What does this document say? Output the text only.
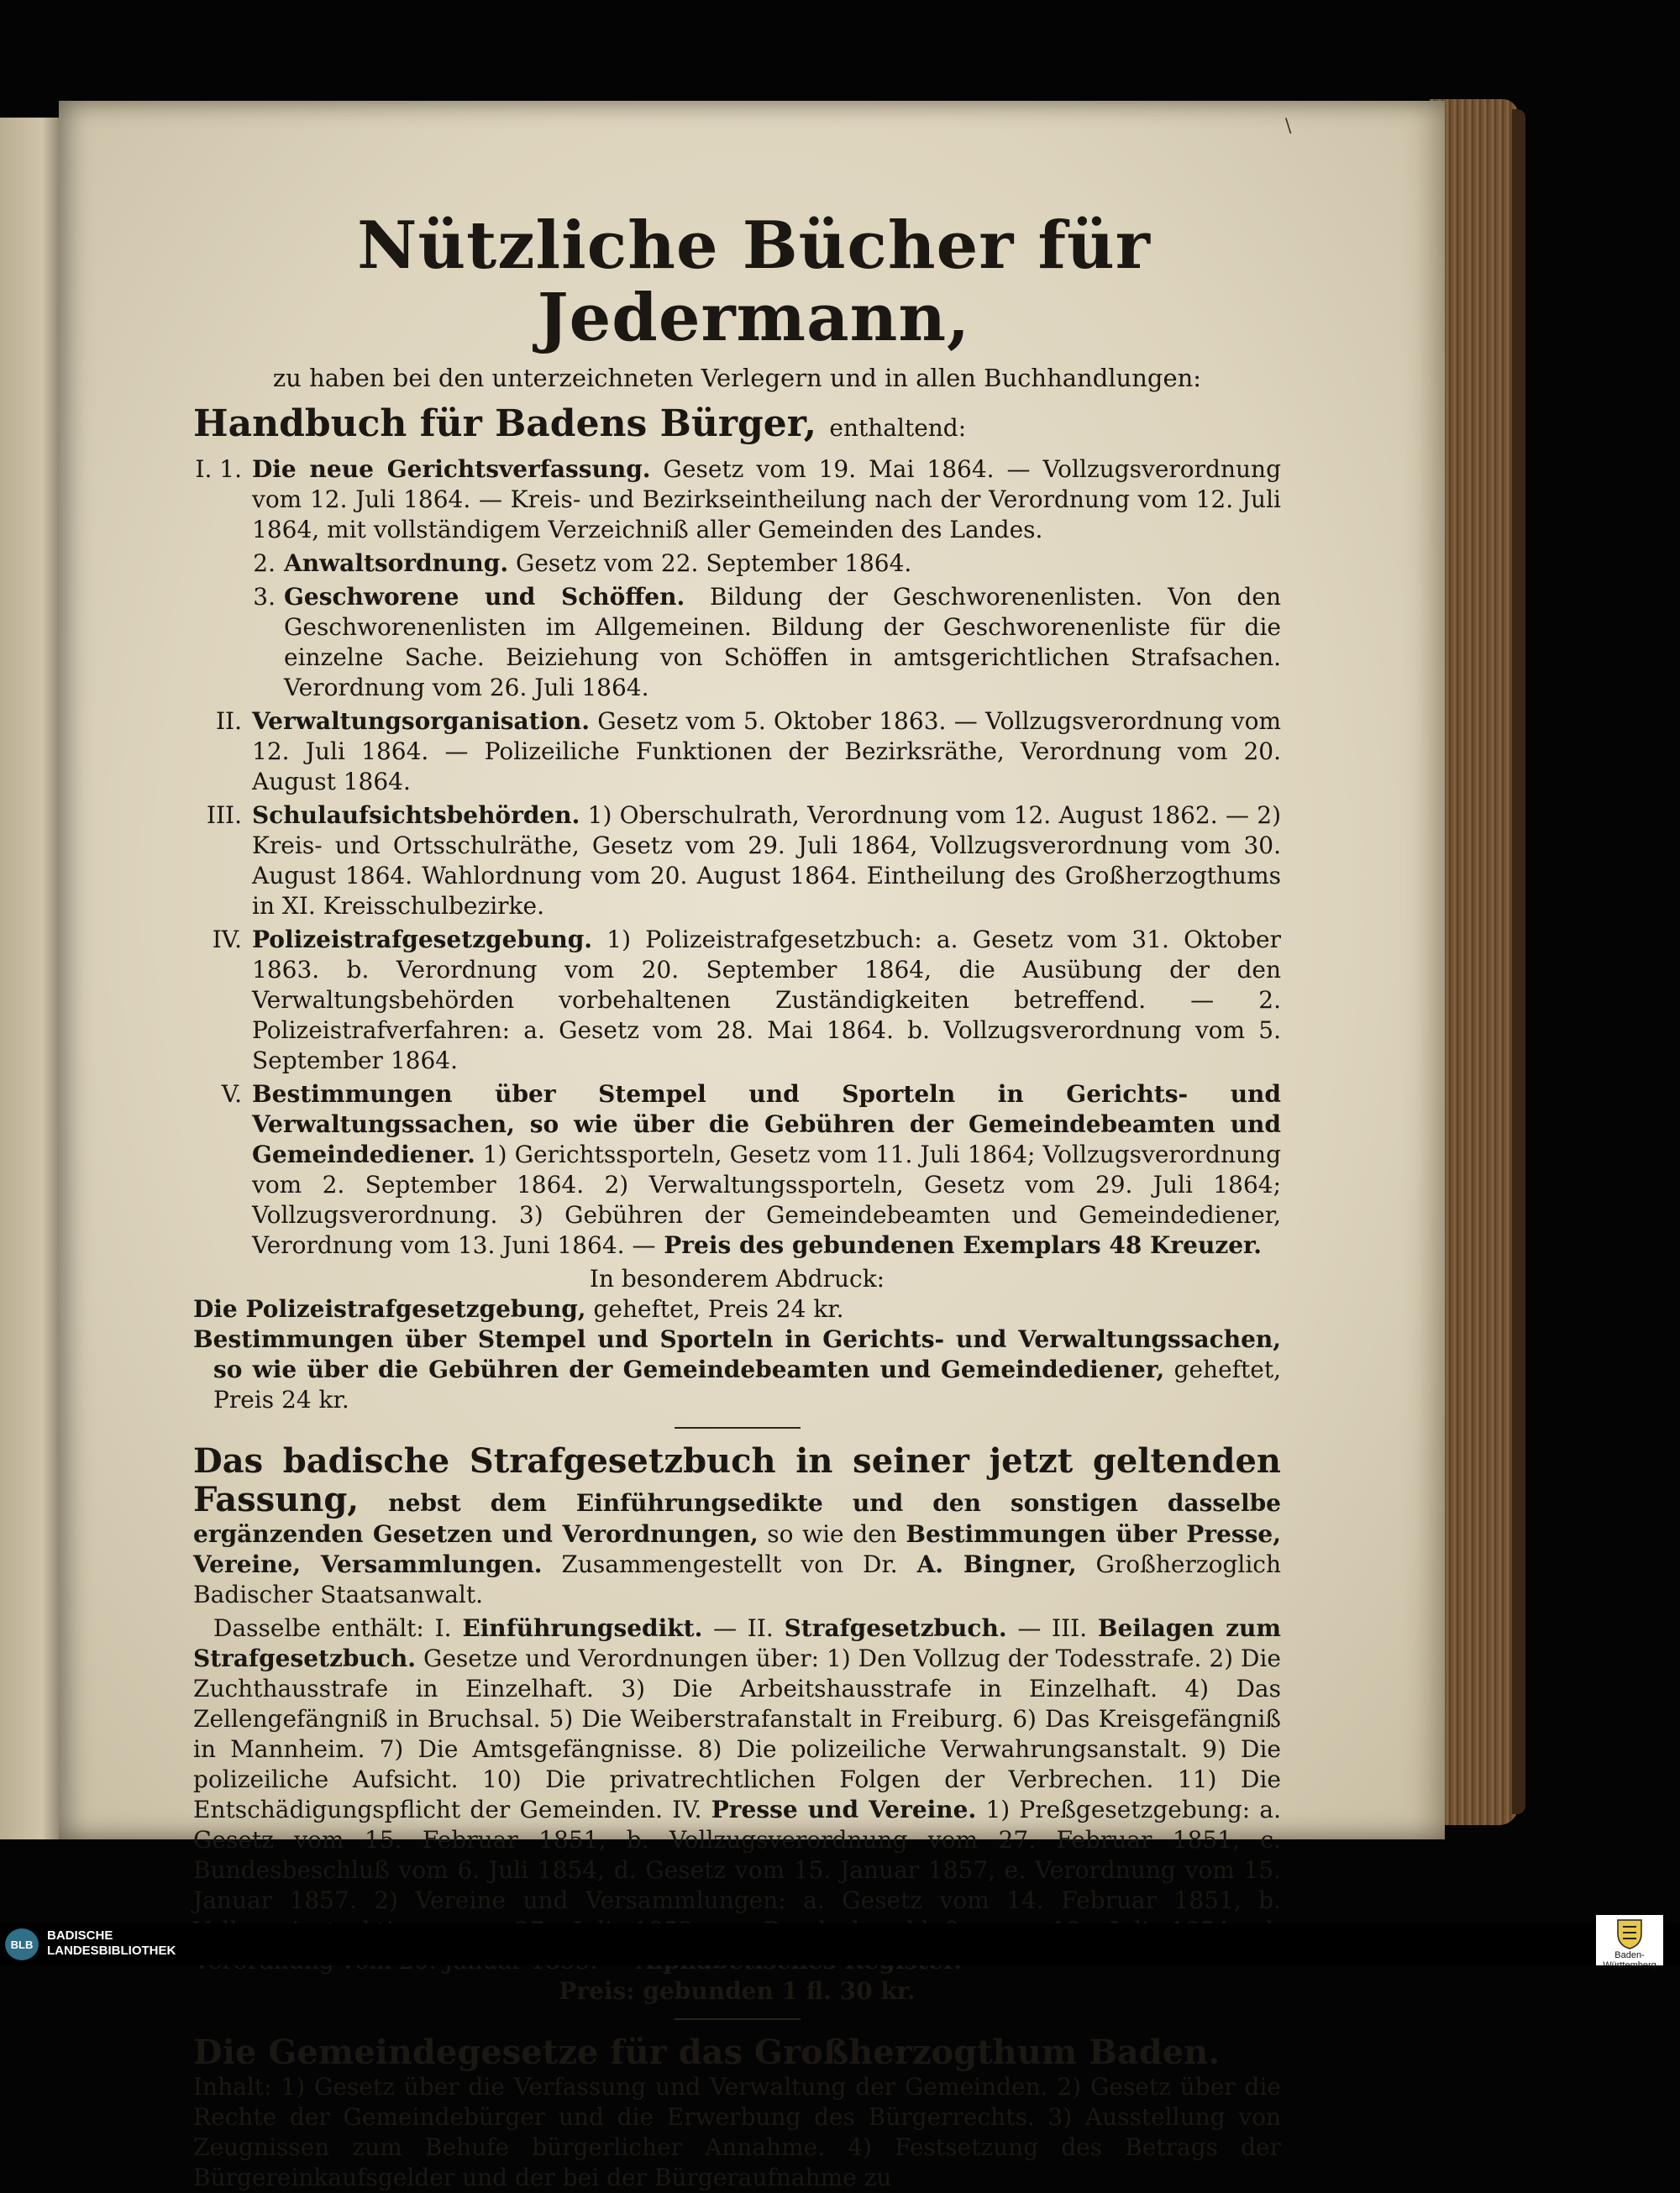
\
Nützliche Bücher für Jedermann,
zu haben bei den unterzeichneten Verlegern und in allen Buchhandlungen:
Handbuch für Badens Bürger, enthaltend:
I. 1. Die neue Gerichtsverfassung. Gesetz vom 19. Mai 1864. — Vollzugsverordnung vom 12. Juli 1864. — Kreis- und Bezirkseintheilung nach der Verordnung vom 12. Juli 1864, mit vollständigem Verzeichniß aller Gemeinden des Landes.
2. Anwaltsordnung. Gesetz vom 22. September 1864.
3. Geschworene und Schöffen. Bildung der Geschworenenlisten. Von den Geschworenenlisten im Allgemeinen. Bildung der Geschworenenliste für die einzelne Sache. Beiziehung von Schöffen in amtsgerichtlichen Strafsachen. Verordnung vom 26. Juli 1864.
II. Verwaltungsorganisation. Gesetz vom 5. Oktober 1863. — Vollzugsverordnung vom 12. Juli 1864. — Polizeiliche Funktionen der Bezirksräthe, Verordnung vom 20. August 1864.
III. Schulaufsichtsbehörden. 1) Oberschulrath, Verordnung vom 12. August 1862. — 2) Kreis- und Ortsschulräthe, Gesetz vom 29. Juli 1864, Vollzugsverordnung vom 30. August 1864. Wahlordnung vom 20. August 1864. Eintheilung des Großherzogthums in XI. Kreisschulbezirke.
IV. Polizeistrafgesetzgebung. 1) Polizeistrafgesetzbuch: a. Gesetz vom 31. Oktober 1863. b. Verordnung vom 20. September 1864, die Ausübung der den Verwaltungsbehörden vorbehaltenen Zuständigkeiten betreffend. — 2. Polizeistrafverfahren: a. Gesetz vom 28. Mai 1864. b. Vollzugsverordnung vom 5. September 1864.
V. Bestimmungen über Stempel und Sporteln in Gerichts- und Verwaltungssachen, so wie über die Gebühren der Gemeindebeamten und Gemeindediener. 1) Gerichtssporteln, Gesetz vom 11. Juli 1864; Vollzugsverordnung vom 2. September 1864. 2) Verwaltungssporteln, Gesetz vom 29. Juli 1864; Vollzugsverordnung. 3) Gebühren der Gemeindebeamten und Gemeindediener, Verordnung vom 13. Juni 1864. — Preis des gebundenen Exemplars 48 Kreuzer.
In besonderem Abdruck:
Die Polizeistrafgesetzgebung, geheftet, Preis 24 kr.
Bestimmungen über Stempel und Sporteln in Gerichts- und Verwaltungssachen, so wie über die Gebühren der Gemeindebeamten und Gemeindediener, geheftet, Preis 24 kr.
Das badische Strafgesetzbuch in seiner jetzt geltenden Fassung, nebst dem Einführungsedikte und den sonstigen dasselbe ergänzenden Gesetzen und Verordnungen, so wie den Bestimmungen über Presse, Vereine, Versammlungen. Zusammengestellt von Dr. A. Bingner, Großherzoglich Badischer Staatsanwalt.
Dasselbe enthält: I. Einführungsedikt. — II. Strafgesetzbuch. — III. Beilagen zum Strafgesetzbuch. Gesetze und Verordnungen über: 1) Den Vollzug der Todesstrafe. 2) Die Zuchthausstrafe in Einzelhaft. 3) Die Arbeitshausstrafe in Einzelhaft. 4) Das Zellengefängniß in Bruchsal. 5) Die Weiberstrafanstalt in Freiburg. 6) Das Kreisgefängniß in Mannheim. 7) Die Amtsgefängnisse. 8) Die polizeiliche Verwahrungsanstalt. 9) Die polizeiliche Aufsicht. 10) Die privatrechtlichen Folgen der Verbrechen. 11) Die Entschädigungspflicht der Gemeinden. IV. Presse und Vereine. 1) Preßgesetzgebung: a. Gesetz vom 15. Februar 1851, b. Vollzugsverordnung vom 27. Februar 1851, c. Bundesbeschluß vom 6. Juli 1854, d. Gesetz vom 15. Januar 1857, e. Verordnung vom 15. Januar 1857. 2) Vereine und Versammlungen: a. Gesetz vom 14. Februar 1851, b.
Preis: gebunden 1 fl. 30 kr.
Die Gemeindegesetze für das Großherzogthum Baden.
Inhalt: 1) Gesetz über die Verfassung und Verwaltung der Gemeinden. 2) Gesetz über die Rechte der Gemeindebürger und die Erwerbung des Bürgerrechts. 3) Ausstellung von Zeugnissen zum Behufe bürgerlicher Annahme. 4) Festsetzung des Betrags der Bürgereinkaufsgelder und der bei der Bürgeraufnahme zu
BLB
BADISCHE
LANDESBIBLIOTHEK	Baden-Württemberg
